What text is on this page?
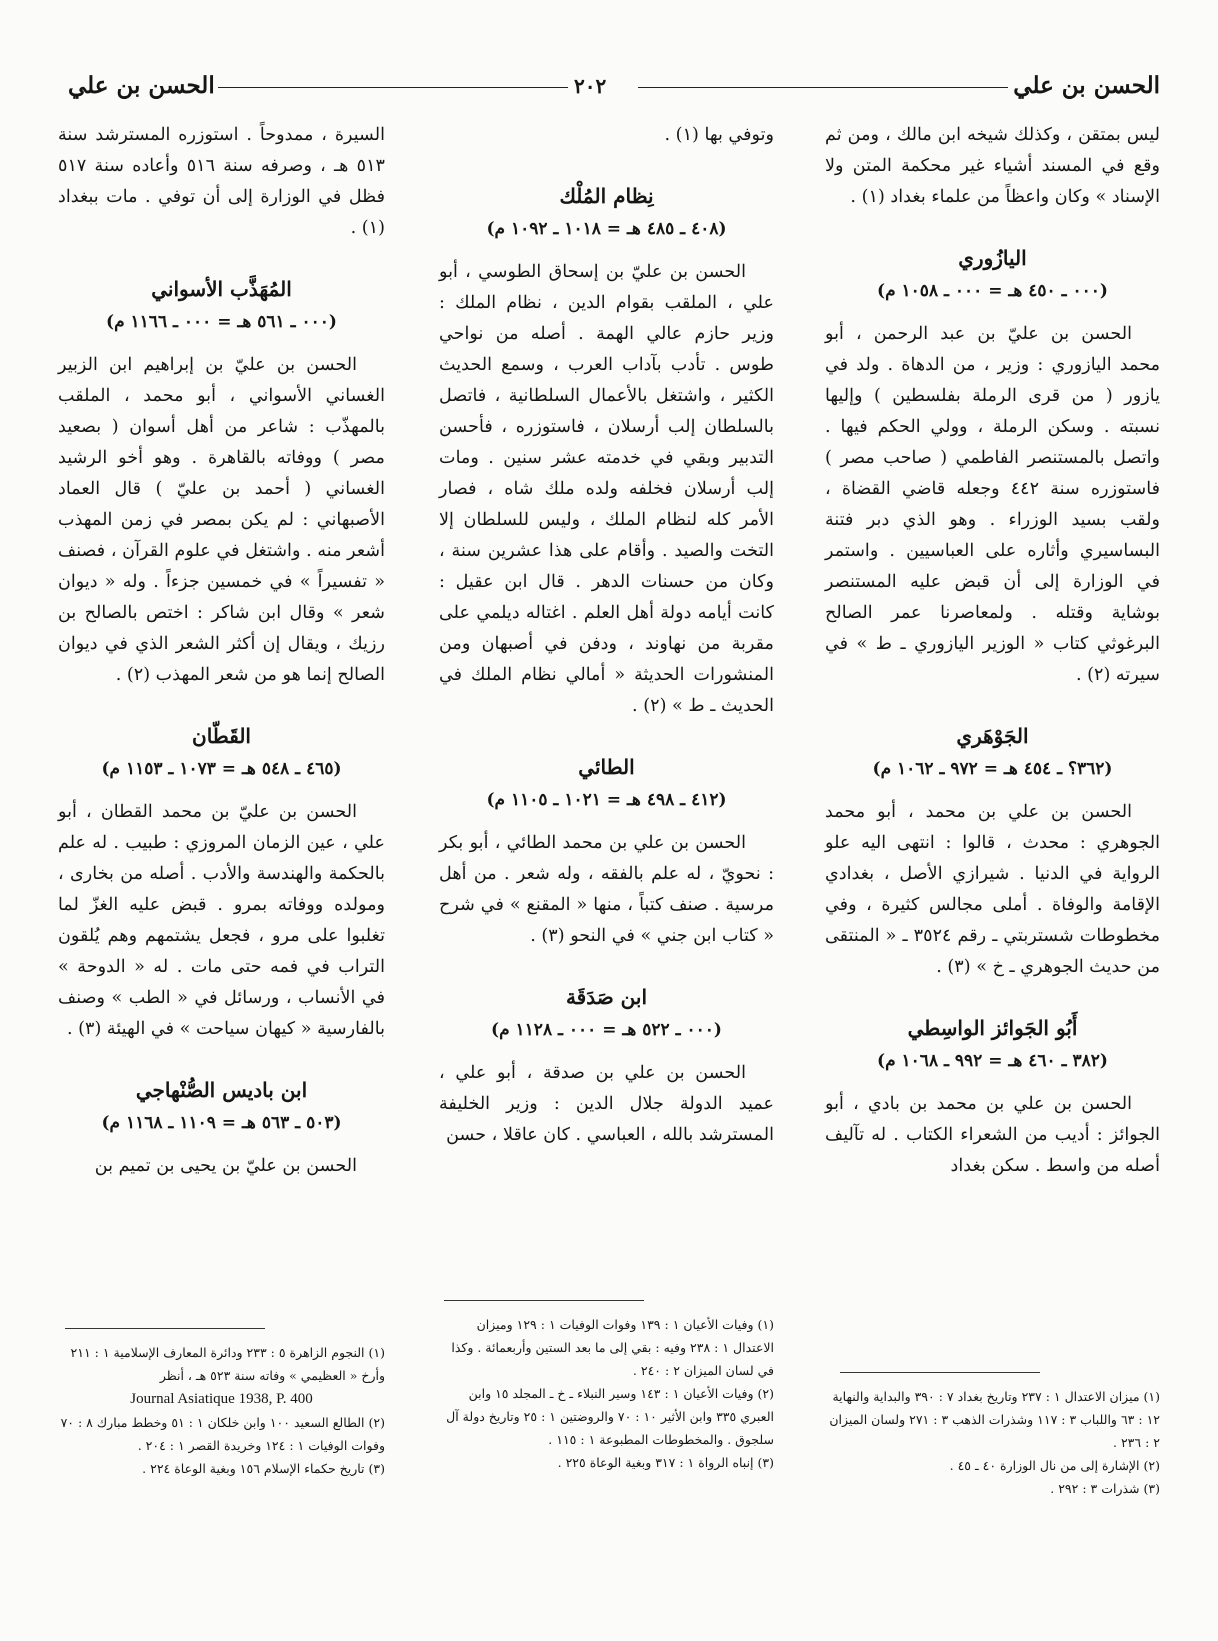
الحسن بن علي
٢٠٢
الحسن بن علي

ليس بمتقن ، وكذلك شيخه ابن مالك ، ومن ثم وقع في المسند أشياء غير محكمة المتن ولا الإسناد » وكان واعظاً من علماء بغداد (١) .

اليازُوري
(٠٠٠ ـ ٤٥٠ هـ = ٠٠٠ ـ ١٠٥٨ م)

الحسن بن عليّ بن عبد الرحمن ، أبو محمد اليازوري : وزير ، من الدهاة . ولد في يازور ( من قرى الرملة بفلسطين ) وإليها نسبته . وسكن الرملة ، وولي الحكم فيها . واتصل بالمستنصر الفاطمي ( صاحب مصر ) فاستوزره سنة ٤٤٢ وجعله قاضي القضاة ، ولقب بسيد الوزراء . وهو الذي دبر فتنة البساسيري وأثاره على العباسيين . واستمر في الوزارة إلى أن قبض عليه المستنصر بوشاية وقتله . ولمعاصرنا عمر الصالح البرغوثي كتاب « الوزير اليازوري ـ ط » في سيرته (٢) .

الجَوْهَري
(٣٦٢؟ ـ ٤٥٤ هـ = ٩٧٢ ـ ١٠٦٢ م)

الحسن بن علي بن محمد ، أبو محمد الجوهري : محدث ، قالوا : انتهى اليه علو الرواية في الدنيا . شيرازي الأصل ، بغدادي الإقامة والوفاة . أملى مجالس كثيرة ، وفي مخطوطات شستربتي ـ رقم ٣٥٢٤ ـ « المنتقى من حديث الجوهري ـ خ » (٣) .

أَبُو الجَوائز الواسِطي
(٣٨٢ ـ ٤٦٠ هـ = ٩٩٢ ـ ١٠٦٨ م)

الحسن بن علي بن محمد بن بادي ، أبو الجوائز : أديب من الشعراء الكتاب . له تآليف أصله من واسط . سكن بغداد

وتوفي بها (١) .

نِظام المُلْك
(٤٠٨ ـ ٤٨٥ هـ = ١٠١٨ ـ ١٠٩٢ م)

الحسن بن عليّ بن إسحاق الطوسي ، أبو علي ، الملقب بقوام الدين ، نظام الملك : وزير حازم عالي الهمة . أصله من نواحي طوس . تأدب بآداب العرب ، وسمع الحديث الكثير ، واشتغل بالأعمال السلطانية ، فاتصل بالسلطان إلب أرسلان ، فاستوزره ، فأحسن التدبير وبقي في خدمته عشر سنين . ومات إلب أرسلان فخلفه ولده ملك شاه ، فصار الأمر كله لنظام الملك ، وليس للسلطان إلا التخت والصيد . وأقام على هذا عشرين سنة ، وكان من حسنات الدهر . قال ابن عقيل : كانت أيامه دولة أهل العلم . اغتاله ديلمي على مقربة من نهاوند ، ودفن في أصبهان ومن المنشورات الحديثة « أمالي نظام الملك في الحديث ـ ط » (٢) .

الطائي
(٤١٢ ـ ٤٩٨ هـ = ١٠٢١ ـ ١١٠٥ م)

الحسن بن علي بن محمد الطائي ، أبو بكر : نحويّ ، له علم بالفقه ، وله شعر . من أهل مرسية . صنف كتباً ، منها « المقنع » في شرح « كتاب ابن جني » في النحو (٣) .

ابن صَدَقَة
(٠٠٠ ـ ٥٢٢ هـ = ٠٠٠ ـ ١١٢٨ م)

الحسن بن علي بن صدقة ، أبو علي ، عميد الدولة جلال الدين : وزير الخليفة المسترشد بالله ، العباسي . كان عاقلا ، حسن

السيرة ، ممدوحاً . استوزره المسترشد سنة ٥١٣ هـ ، وصرفه سنة ٥١٦ وأعاده سنة ٥١٧ فظل في الوزارة إلى أن توفي . مات ببغداد (١) .

المُهَذَّب الأسواني
(٠٠٠ ـ ٥٦١ هـ = ٠٠٠ ـ ١١٦٦ م)

الحسن بن عليّ بن إبراهيم ابن الزبير الغساني الأسواني ، أبو محمد ، الملقب بالمهذّب : شاعر من أهل أسوان ( بصعيد مصر ) ووفاته بالقاهرة . وهو أخو الرشيد الغساني ( أحمد بن عليّ ) قال العماد الأصبهاني : لم يكن بمصر في زمن المهذب أشعر منه . واشتغل في علوم القرآن ، فصنف « تفسيراً » في خمسين جزءاً . وله « ديوان شعر » وقال ابن شاكر : اختص بالصالح بن رزيك ، ويقال إن أكثر الشعر الذي في ديوان الصالح إنما هو من شعر المهذب (٢) .

القَطّان
(٤٦٥ ـ ٥٤٨ هـ = ١٠٧٣ ـ ١١٥٣ م)

الحسن بن عليّ بن محمد القطان ، أبو علي ، عين الزمان المروزي : طبيب . له علم بالحكمة والهندسة والأدب . أصله من بخارى ، ومولده ووفاته بمرو . قبض عليه الغزّ لما تغلبوا على مرو ، فجعل يشتمهم وهم يُلقون التراب في فمه حتى مات . له « الدوحة » في الأنساب ، ورسائل في « الطب » وصنف بالفارسية « كيهان سياحت » في الهيئة (٣) .

ابن باديس الصُّنْهاجي
(٥٠٣ ـ ٥٦٣ هـ = ١١٠٩ ـ ١١٦٨ م)

الحسن بن عليّ بن يحيى بن تميم بن

(١) ميزان الاعتدال ١ : ٢٣٧ وتاريخ بغداد ٧ : ٣٩٠ والبداية والنهاية ١٢ : ٦٣ واللباب ٣ : ١١٧ وشذرات الذهب ٣ : ٢٧١ ولسان الميزان ٢ : ٢٣٦ .

(٢) الإشارة إلى من نال الوزارة ٤٠ ـ ٤٥ .

(٣) شذرات ٣ : ٢٩٢ .

(١) وفيات الأعيان ١ : ١٣٩ وفوات الوفيات ١ : ١٢٩ وميزان الاعتدال ١ : ٢٣٨ وفيه : بقي إلى ما بعد الستين وأربعمائة . وكذا في لسان الميزان ٢ : ٢٤٠ .

(٢) وفيات الأعيان ١ : ١٤٣ وسير النبلاء ـ خ ـ المجلد ١٥ وابن العبري ٣٣٥ وابن الأثير ١٠ : ٧٠ والروضتين ١ : ٢٥ وتاريخ دولة آل سلجوق . والمخطوطات المطبوعة ١ : ١١٥ .

(٣) إنباه الرواة ١ : ٣١٧ وبغية الوعاة ٢٢٥ .

(١) النجوم الزاهرة ٥ : ٢٣٣ ودائرة المعارف الإسلامية ١ : ٢١١ وأرخ « العظيمي » وفاته سنة ٥٢٣ هـ ، أنظر

Journal Asiatique 1938, P. 400

(٢) الطالع السعيد ١٠٠ وابن خلكان ١ : ٥١ وخطط مبارك ٨ : ٧٠ وفوات الوفيات ١ : ١٢٤ وخريدة القصر ١ : ٢٠٤ .

(٣) تاريخ حكماء الإسلام ١٥٦ وبغية الوعاة ٢٢٤ .
